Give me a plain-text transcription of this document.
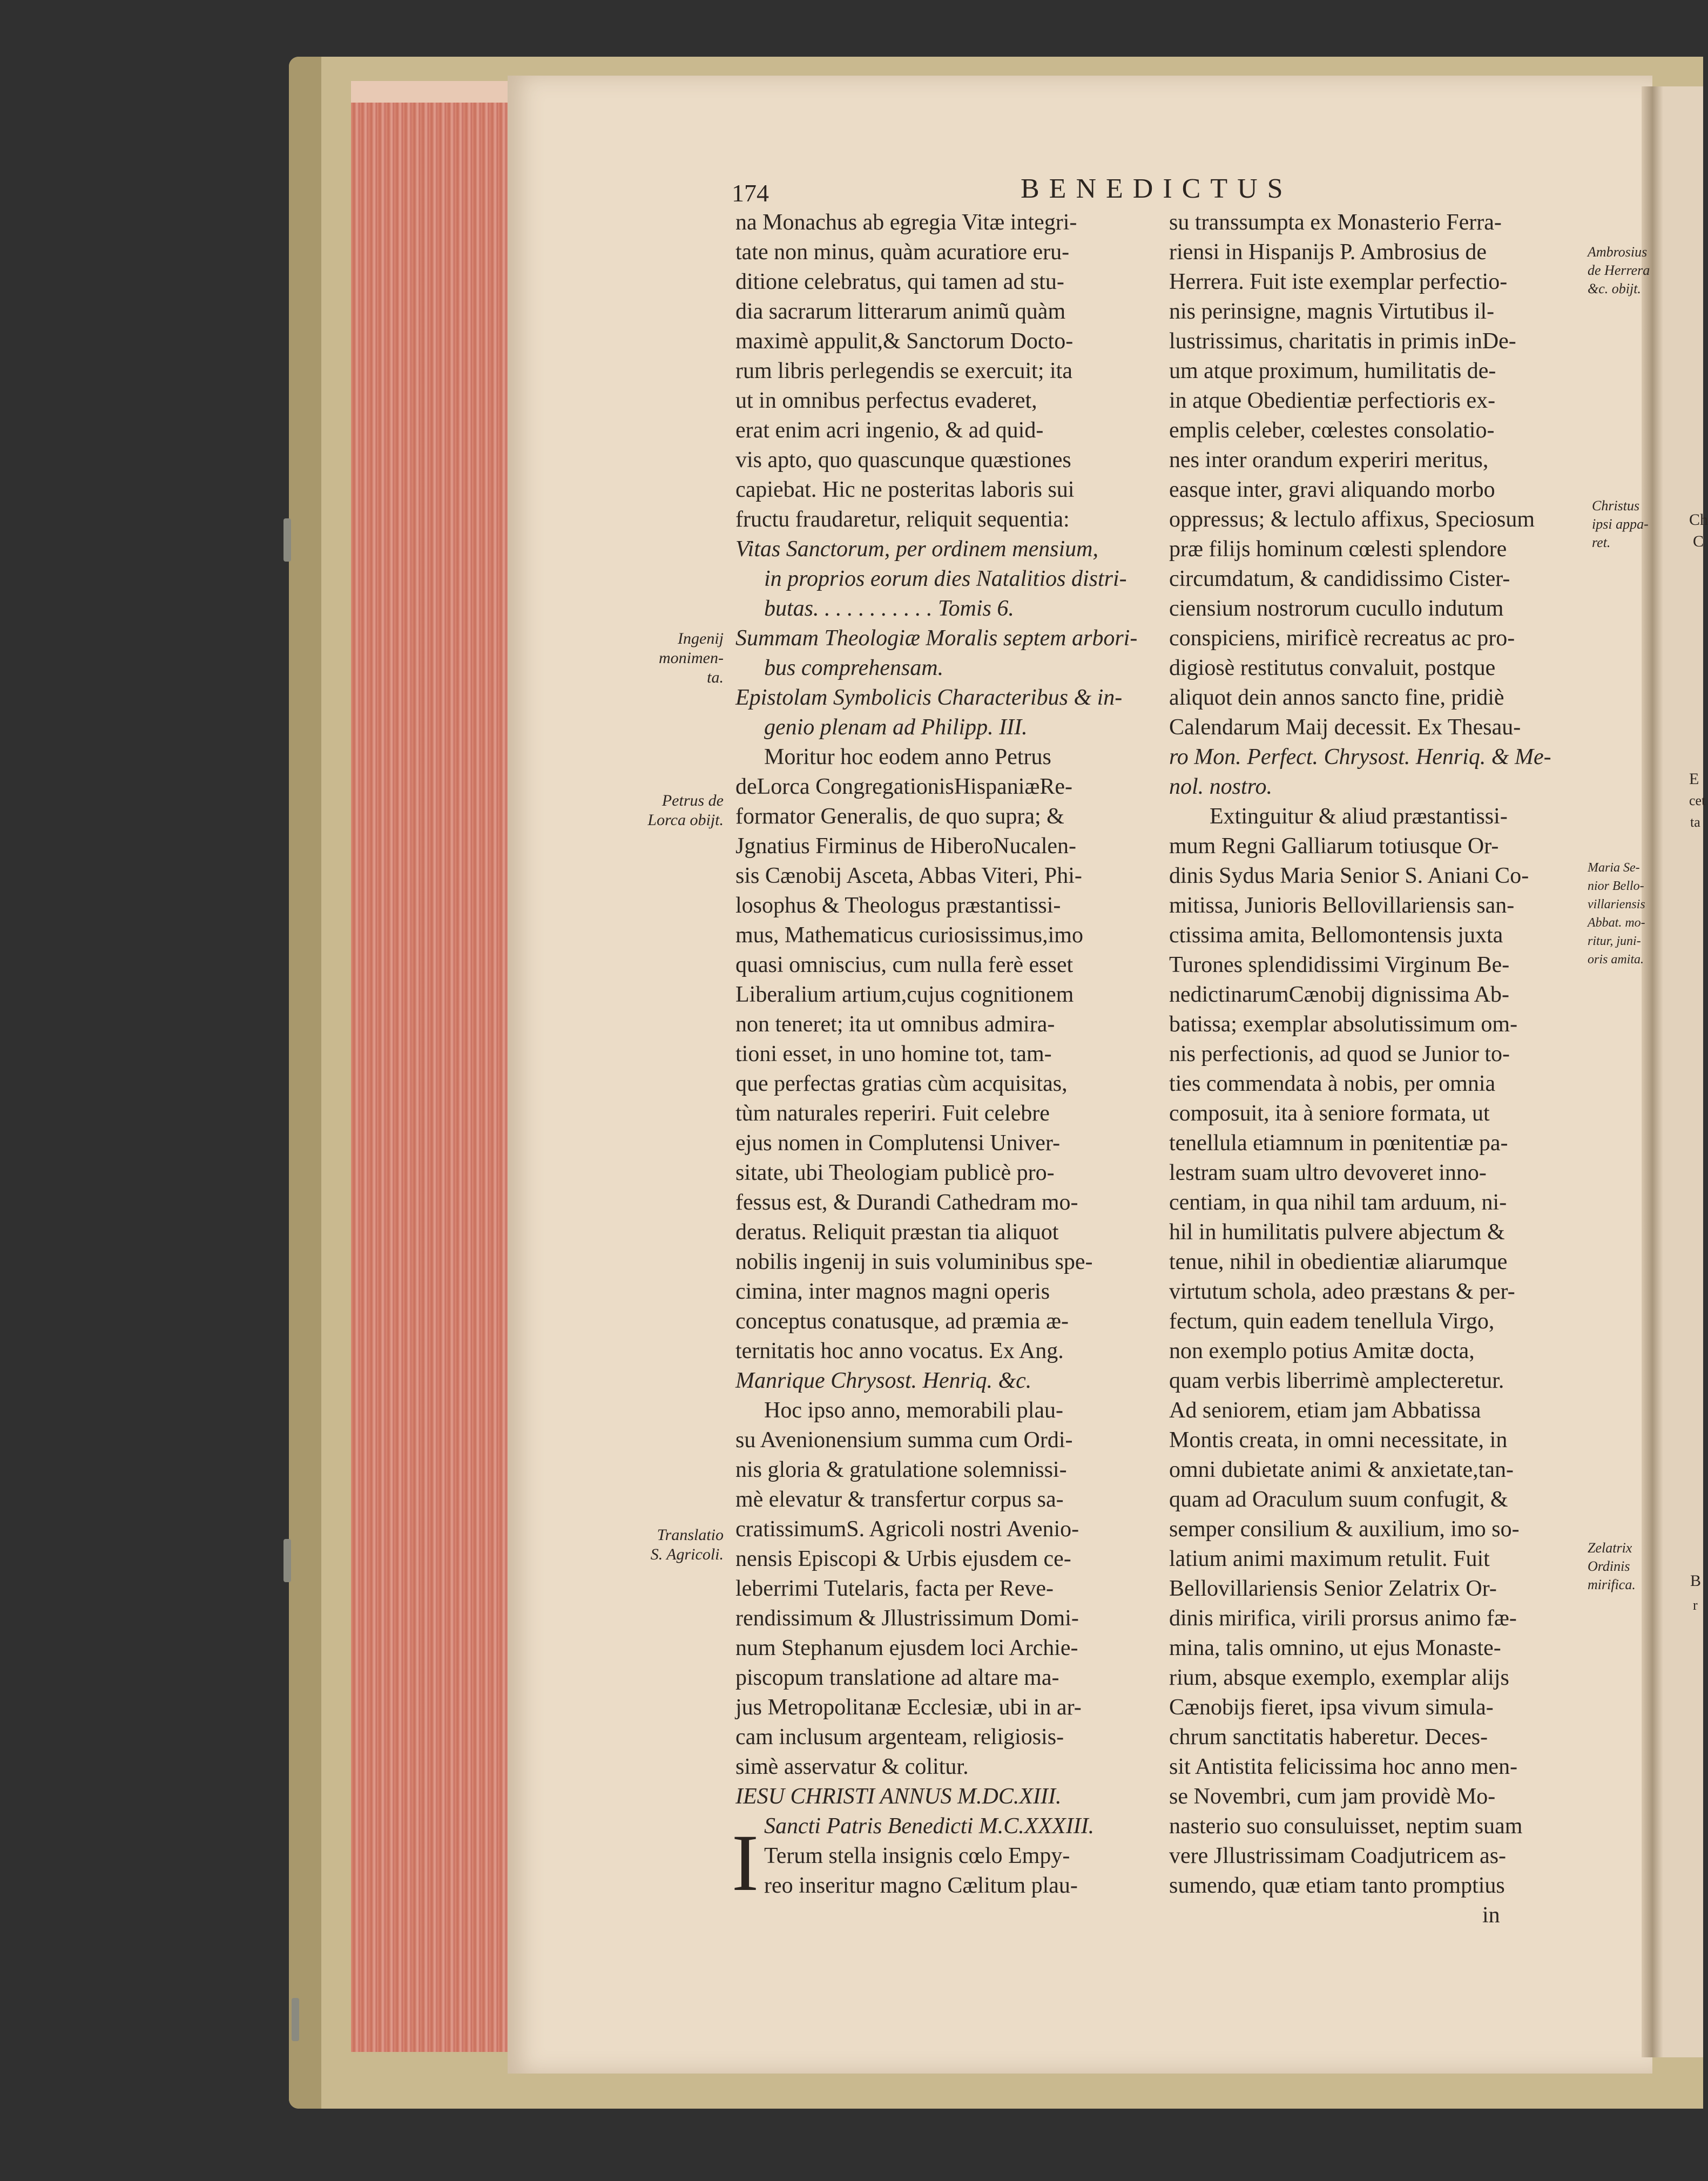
Ch
C
E
cet
ta
B
r
174	BENEDICTUS
na Monachus ab egregia Vitæ integri-
tate non minus, quàm acuratiore eru-
ditione celebratus, qui tamen ad stu-
dia sacrarum litterarum animũ quàm
maximè appulit,& Sanctorum Docto-
rum libris perlegendis se exercuit; ita
ut in omnibus perfectus evaderet,
erat enim acri ingenio, & ad quid-
vis apto, quo quascunque quæstiones
capiebat. Hic ne posteritas laboris sui
fructu fraudaretur, reliquit sequentia:
Vitas Sanctorum, per ordinem mensium,
in proprios eorum dies Natalitios distri-
butas. . . . . . . . . . . Tomis 6.
Summam Theologiæ Moralis septem arbori-
bus comprehensam.
Epistolam Symbolicis Characteribus & in-
genio plenam ad Philipp. III.
Moritur hoc eodem anno Petrus
deLorca CongregationisHispaniæRe-
formator Generalis, de quo supra; &
Jgnatius Firminus de HiberoNucalen-
sis Cænobij Asceta, Abbas Viteri, Phi-
losophus & Theologus præstantissi-
mus, Mathematicus curiosissimus,imo
quasi omniscius, cum nulla ferè esset
Liberalium artium,cujus cognitionem
non teneret; ita ut omnibus admira-
tioni esset, in uno homine tot, tam-
que perfectas gratias cùm acquisitas,
tùm naturales reperiri. Fuit celebre
ejus nomen in Complutensi Univer-
sitate, ubi Theologiam publicè pro-
fessus est, & Durandi Cathedram mo-
deratus. Reliquit præstan tia aliquot
nobilis ingenij in suis voluminibus spe-
cimina, inter magnos magni operis
conceptus conatusque, ad præmia æ-
ternitatis hoc anno vocatus. Ex Ang.
Manrique Chrysost. Henriq. &c.
Hoc ipso anno, memorabili plau-
su Avenionensium summa cum Ordi-
nis gloria & gratulatione solemnissi-
mè elevatur & transfertur corpus sa-
cratissimumS. Agricoli nostri Avenio-
nensis Episcopi & Urbis ejusdem ce-
leberrimi Tutelaris, facta per Reve-
rendissimum & Jllustrissimum Domi-
num Stephanum ejusdem loci Archie-
piscopum translatione ad altare ma-
jus Metropolitanæ Ecclesiæ, ubi in ar-
cam inclusum argenteam, religiosis-
simè asservatur & colitur.
IESU CHRISTI ANNUS M.DC.XIII.
Sancti Patris Benedicti M.C.XXXIII.
I Terum stella insignis cœlo Empy-
reo inseritur magno Cælitum plau-
su transsumpta ex Monasterio Ferra-
riensi in Hispanijs P. Ambrosius de
Herrera. Fuit iste exemplar perfectio-
nis perinsigne, magnis Virtutibus il-
lustrissimus, charitatis in primis inDe-
um atque proximum, humilitatis de-
in atque Obedientiæ perfectioris ex-
emplis celeber, cœlestes consolatio-
nes inter orandum experiri meritus,
easque inter, gravi aliquando morbo
oppressus; & lectulo affixus, Speciosum
præ filijs hominum cœlesti splendore
circumdatum, & candidissimo Cister-
ciensium nostrorum cucullo indutum
conspiciens, mirificè recreatus ac pro-
digiosè restitutus convaluit, postque
aliquot dein annos sancto fine, pridiè
Calendarum Maij decessit. Ex Thesau-
ro Mon. Perfect. Chrysost. Henriq. & Me-
nol. nostro.
Extinguitur & aliud præstantissi-
mum Regni Galliarum totiusque Or-
dinis Sydus Maria Senior S. Aniani Co-
mitissa, Junioris Bellovillariensis san-
ctissima amita, Bellomontensis juxta
Turones splendidissimi Virginum Be-
nedictinarumCænobij dignissima Ab-
batissa; exemplar absolutissimum om-
nis perfectionis, ad quod se Junior to-
ties commendata à nobis, per omnia
composuit, ita à seniore formata, ut
tenellula etiamnum in pœnitentiæ pa-
lestram suam ultro devoveret inno-
centiam, in qua nihil tam arduum, ni-
hil in humilitatis pulvere abjectum &
tenue, nihil in obedientiæ aliarumque
virtutum schola, adeo præstans & per-
fectum, quin eadem tenellula Virgo,
non exemplo potius Amitæ docta,
quam verbis liberrimè amplecteretur.
Ad seniorem, etiam jam Abbatissa
Montis creata, in omni necessitate, in
omni dubietate animi & anxietate,tan-
quam ad Oraculum suum confugit, &
semper consilium & auxilium, imo so-
latium animi maximum retulit. Fuit
Bellovillariensis Senior Zelatrix Or-
dinis mirifica, virili prorsus animo fæ-
mina, talis omnino, ut ejus Monaste-
rium, absque exemplo, exemplar alijs
Cænobijs fieret, ipsa vivum simula-
chrum sanctitatis haberetur. Deces-
sit Antistita felicissima hoc anno men-
se Novembri, cum jam providè Mo-
nasterio suo consuluisset, neptim suam
vere Jllustrissimam Coadjutricem as-
sumendo, quæ etiam tanto promptius
in
Ingenij
monimen-
ta.
Petrus de
Lorca obijt.
Translatio
S. Agricoli.
Ambrosius
de Herrera
&c. obijt.
Christus
ipsi appa-
ret.
Maria Se-
nior Bello-
villariensis
Abbat. mo-
ritur, juni-
oris amita.
Zelatrix
Ordinis
mirifica.
